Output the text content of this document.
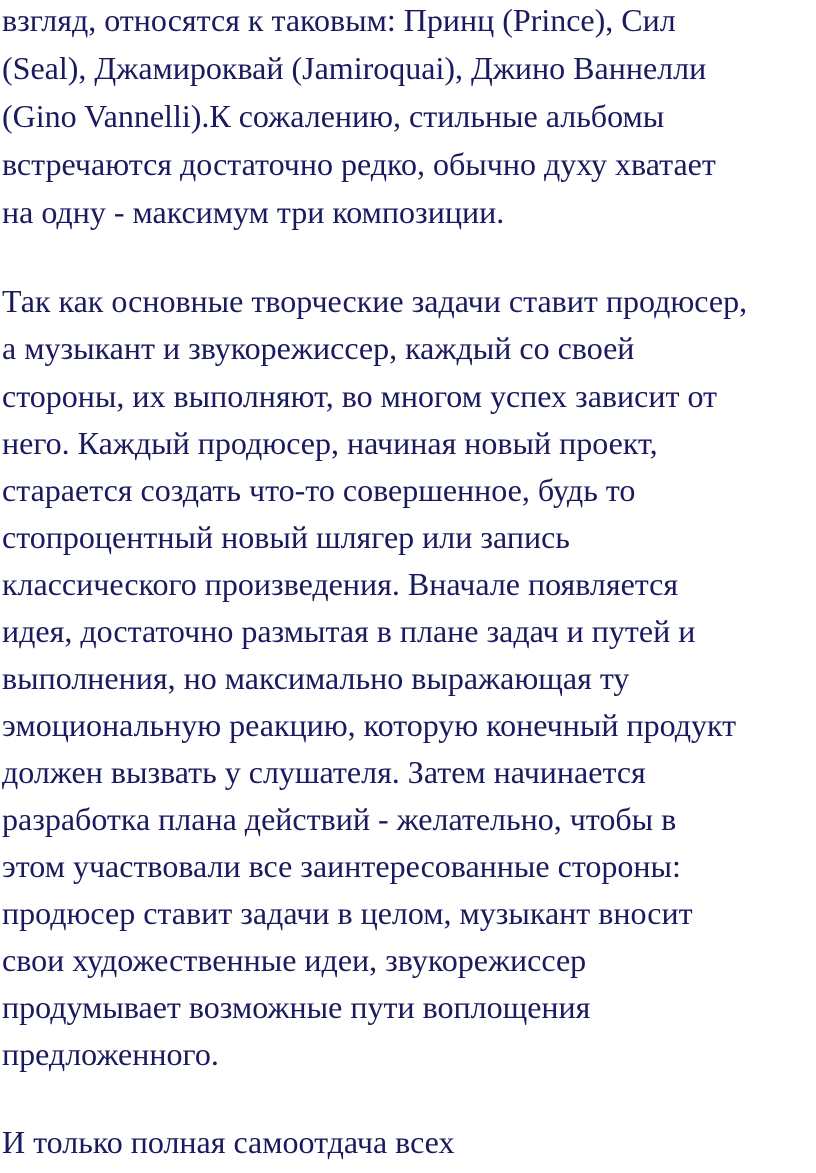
взгляд, относятся к таковым: Принц (Prince), Сил

(Seal), Джамироквай (Jamiroquai), Джино Ваннелли

(Gino Vannelli).К сожалению, стильные альбомы

встречаются достаточно редко, обычно духу хватает

на одну - максимум три композиции.

Так как основные творческие задачи ставит продюсер,

а музыкант и звукорежиссер, каждый со своей

стороны, их выполняют, во многом успех зависит от

него. Каждый продюсер, начиная новый проект,

старается создать что-то совершенное, будь то

стопроцентный новый шлягер или запись

классического произведения. Вначале появляется

идея, достаточно размытая в плане задач и путей и

выполнения, но максимально выражающая ту

эмоциональную реакцию, которую конечный продукт

должен вызвать у слушателя. Затем начинается

разработка плана действий - желательно, чтобы в

этом участвовали все заинтересованные стороны:

продюсер ставит задачи в целом, музыкант вносит

свои художественные идеи, звукорежиссер

продумывает возможные пути воплощения

предложенного.

И только полная самоотдача всех
